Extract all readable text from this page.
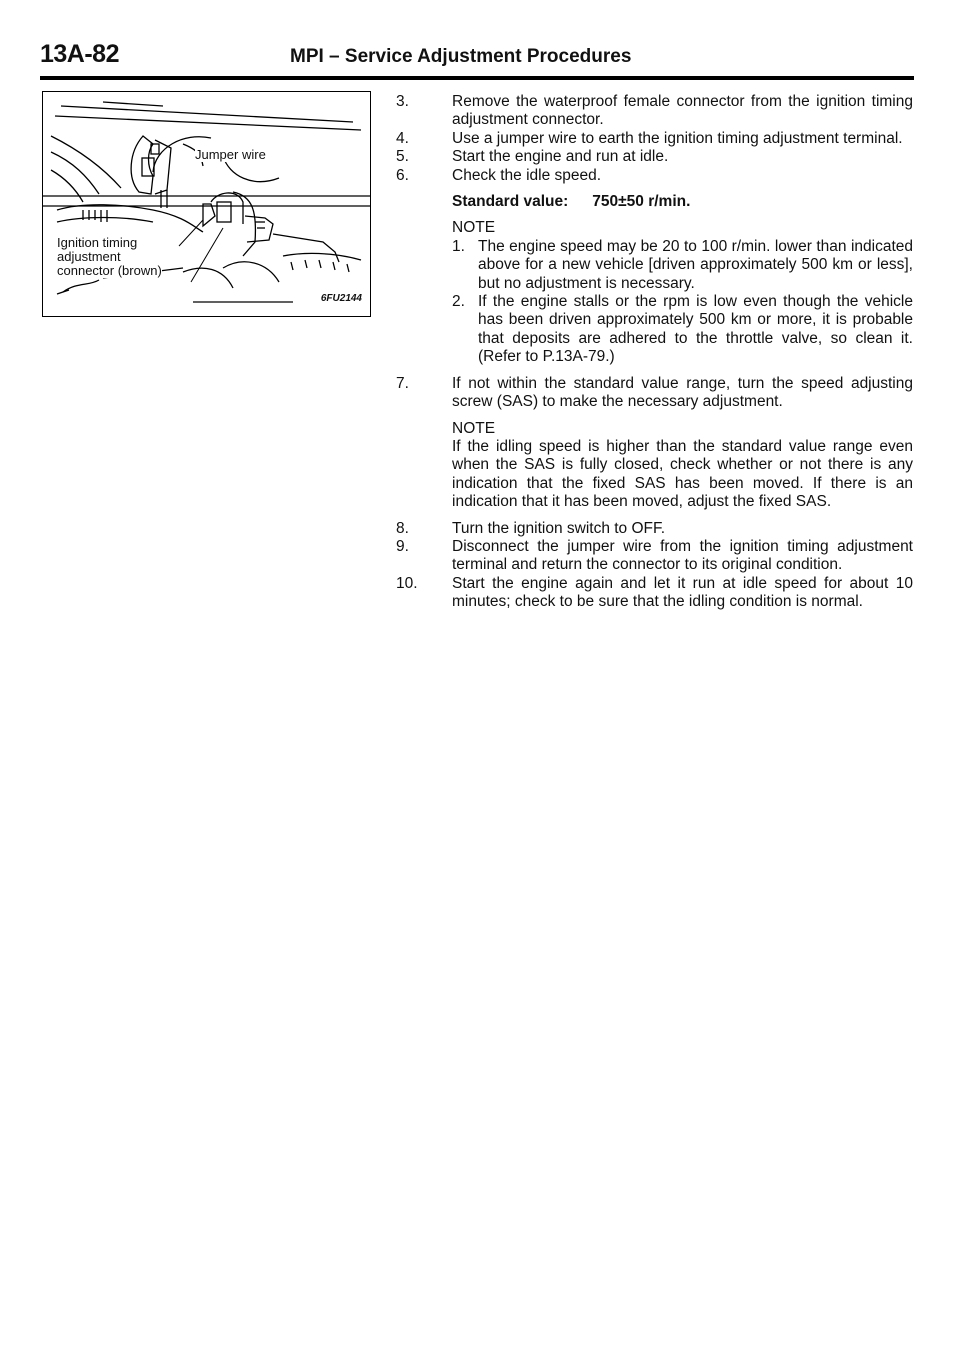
13A-82	MPI – Service Adjustment Procedures
Jumper wire
Ignition timing
adjustment
connector (brown)
6FU2144
3.	Remove the waterproof female connector from the ignition timing adjustment connector.
4.	Use a jumper wire to earth the ignition timing adjustment terminal.
5.	Start the engine and run at idle.
6.	Check the idle speed.
Standard value: 750±50 r/min.
NOTE
1. The engine speed may be 20 to 100 r/min. lower than indicated above for a new vehicle [driven approximately 500 km or less], but no adjustment is necessary.
2. If the engine stalls or the rpm is low even though the vehicle has been driven approximately 500 km or more, it is probable that deposits are adhered to the throttle valve, so clean it. (Refer to P.13A-79.)
7.	If not within the standard value range, turn the speed adjusting screw (SAS) to make the necessary adjustment.
NOTE
If the idling speed is higher than the standard value range even when the SAS is fully closed, check whether or not there is any indication that the fixed SAS has been moved. If there is an indication that it has been moved, adjust the fixed SAS.
8.	Turn the ignition switch to OFF.
9.	Disconnect the jumper wire from the ignition timing adjustment terminal and return the connector to its original condition.
10.	Start the engine again and let it run at idle speed for about 10 minutes; check to be sure that the idling condition is normal.
